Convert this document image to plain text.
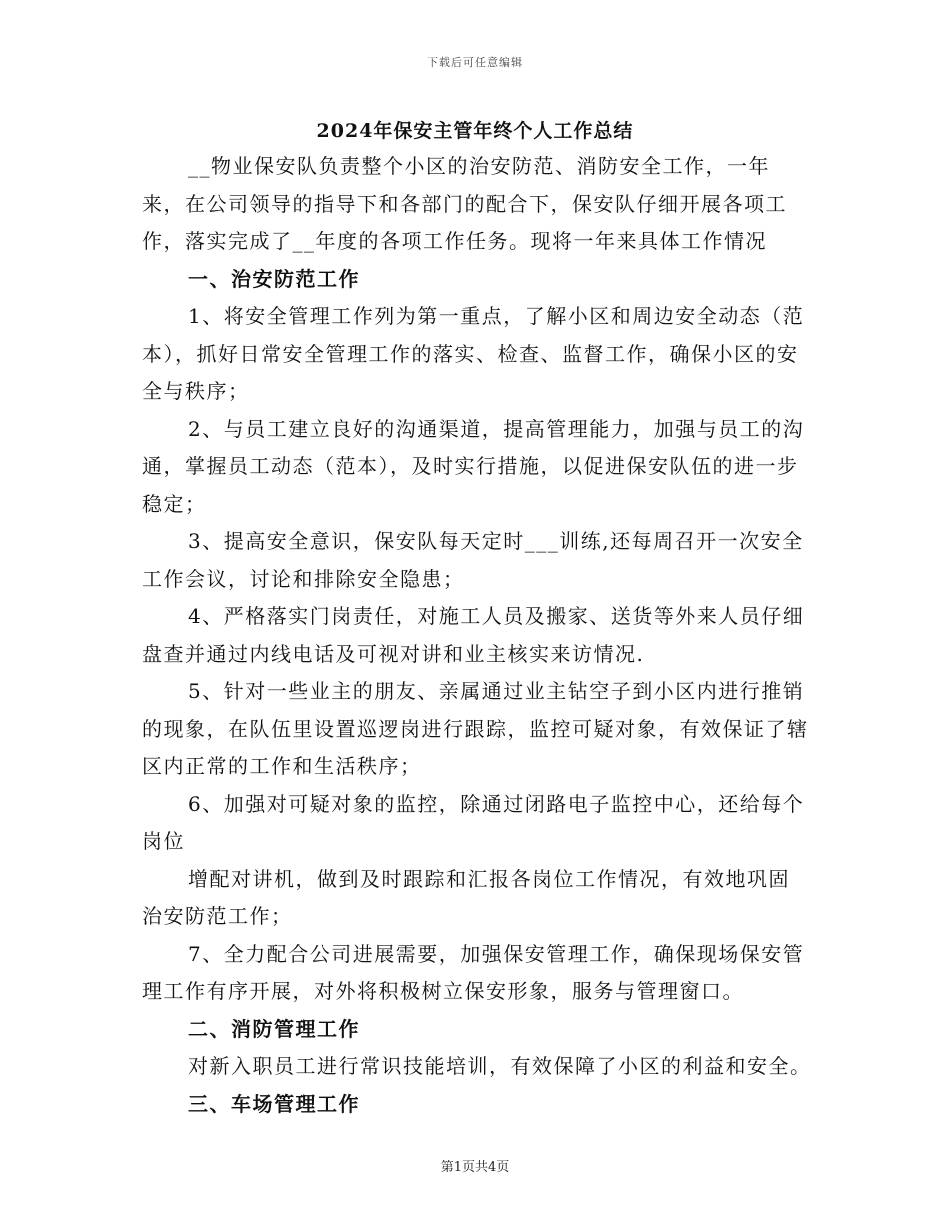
下载后可任意编辑
2024年保安主管年终个人工作总结

__物业保安队负责整个小区的治安防范、消防安全工作，一年来，在公司领导的指导下和各部门的配合下，保安队仔细开展各项工作，落实完成了__年度的各项工作任务。现将一年来具体工作情况

一、治安防范工作

1、将安全管理工作列为第一重点，了解小区和周边安全动态（范本），抓好日常安全管理工作的落实、检查、监督工作，确保小区的安全与秩序；

2、与员工建立良好的沟通渠道，提高管理能力，加强与员工的沟通，掌握员工动态（范本），及时实行措施，以促进保安队伍的进一步稳定；

3、提高安全意识，保安队每天定时___训练,还每周召开一次安全工作会议，讨论和排除安全隐患；

4、严格落实门岗责任，对施工人员及搬家、送货等外来人员仔细盘查并通过内线电话及可视对讲和业主核实来访情况.

5、针对一些业主的朋友、亲属通过业主钻空子到小区内进行推销的现象，在队伍里设置巡逻岗进行跟踪，监控可疑对象，有效保证了辖区内正常的工作和生活秩序；

6、加强对可疑对象的监控，除通过闭路电子监控中心，还给每个岗位

增配对讲机，做到及时跟踪和汇报各岗位工作情况，有效地巩固治安防范工作；

7、全力配合公司进展需要，加强保安管理工作，确保现场保安管理工作有序开展，对外将积极树立保安形象，服务与管理窗口。

二、消防管理工作

对新入职员工进行常识技能培训，有效保障了小区的利益和安全。

三、车场管理工作

第1页共4页
